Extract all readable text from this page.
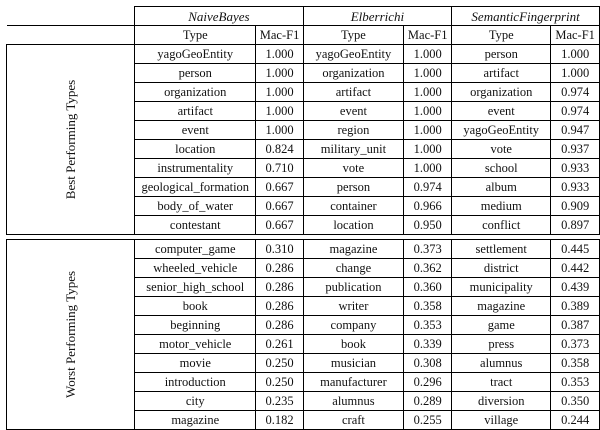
	NaiveBayes		Elberrichi		SemanticFingerprint	
	Type	Mac-F1	Type	Mac-F1	Type	Mac-F1
Best Performing Types	yagoGeoEntity	1.000	yagoGeoEntity	1.000	person	1.000
	person	1.000	organization	1.000	artifact	1.000
	organization	1.000	artifact	1.000	organization	0.974
	artifact	1.000	event	1.000	event	0.974
	event	1.000	region	1.000	yagoGeoEntity	0.947
	location	0.824	military_unit	1.000	vote	0.937
	instrumentality	0.710	vote	1.000	school	0.933
	geological_formation	0.667	person	0.974	album	0.933
	body_of_water	0.667	container	0.966	medium	0.909
	contestant	0.667	location	0.950	conflict	0.897

Worst Performing Types	computer_game	0.310	magazine	0.373	settlement	0.445
	wheeled_vehicle	0.286	change	0.362	district	0.442
	senior_high_school	0.286	publication	0.360	municipality	0.439
	book	0.286	writer	0.358	magazine	0.389
	beginning	0.286	company	0.353	game	0.387
	motor_vehicle	0.261	book	0.339	press	0.373
	movie	0.250	musician	0.308	alumnus	0.358
	introduction	0.250	manufacturer	0.296	tract	0.353
	city	0.235	alumnus	0.289	diversion	0.350
	magazine	0.182	craft	0.255	village	0.244
